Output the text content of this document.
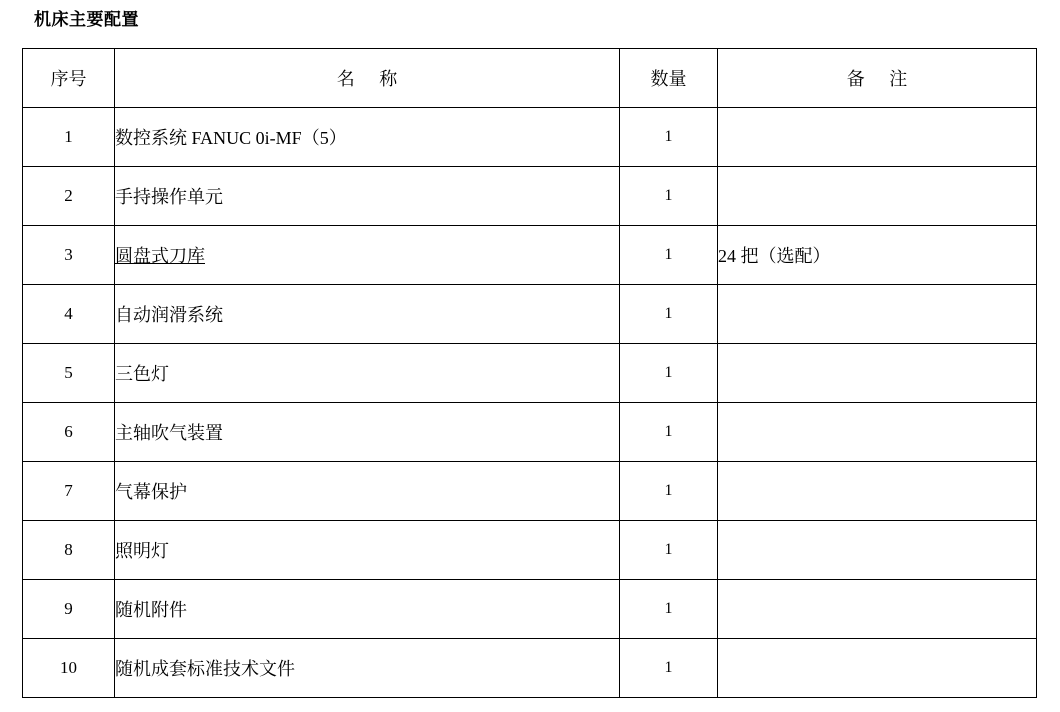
机床主要配置
序号	名 称	数量	备 注
1	数控系统 FANUC 0i-MF（5）	1	
2	手持操作单元	1	
3	圆盘式刀库	1	24 把（选配）
4	自动润滑系统	1	
5	三色灯	1	
6	主轴吹气装置	1	
7	气幕保护	1	
8	照明灯	1	
9	随机附件	1	
10	随机成套标准技术文件	1	
